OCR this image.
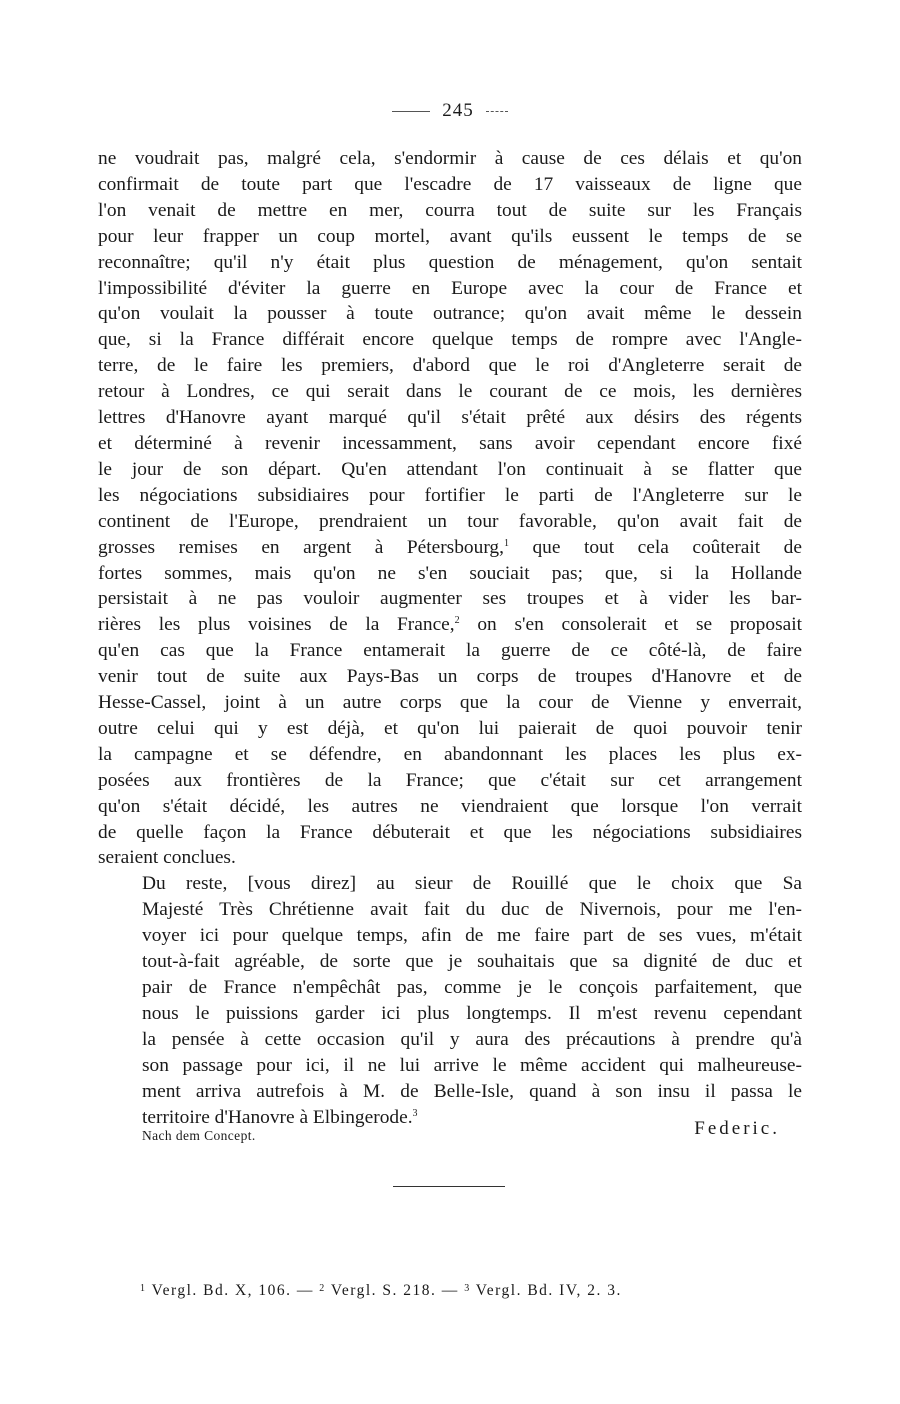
245

ne voudrait pas, malgré cela, s'endormir à cause de ces délais et qu'on
confirmait de toute part que l'escadre de 17 vaisseaux de ligne que
l'on venait de mettre en mer, courra tout de suite sur les Français
pour leur frapper un coup mortel, avant qu'ils eussent le temps de se
reconnaître; qu'il n'y était plus question de ménagement, qu'on sentait
l'impossibilité d'éviter la guerre en Europe avec la cour de France et
qu'on voulait la pousser à toute outrance; qu'on avait même le dessein
que, si la France différait encore quelque temps de rompre avec l'Angle-
terre, de le faire les premiers, d'abord que le roi d'Angleterre serait de
retour à Londres, ce qui serait dans le courant de ce mois, les dernières
lettres d'Hanovre ayant marqué qu'il s'était prêté aux désirs des régents
et déterminé à revenir incessamment, sans avoir cependant encore fixé
le jour de son départ. Qu'en attendant l'on continuait à se flatter que
les négociations subsidiaires pour fortifier le parti de l'Angleterre sur le
continent de l'Europe, prendraient un tour favorable, qu'on avait fait de
grosses remises en argent à Pétersbourg,$^1$ que tout cela coûterait de
fortes sommes, mais qu'on ne s'en souciait pas; que, si la Hollande
persistait à ne pas vouloir augmenter ses troupes et à vider les bar-
rières les plus voisines de la France,$^2$ on s'en consolerait et se proposait
qu'en cas que la France entamerait la guerre de ce côté-là, de faire
venir tout de suite aux Pays-Bas un corps de troupes d'Hanovre et de
Hesse-Cassel, joint à un autre corps que la cour de Vienne y enverrait,
outre celui qui y est déjà, et qu'on lui paierait de quoi pouvoir tenir
la campagne et se défendre, en abandonnant les places les plus ex-
posées aux frontières de la France; que c'était sur cet arrangement
qu'on s'était décidé, les autres ne viendraient que lorsque l'on verrait
de quelle façon la France débuterait et que les négociations subsidiaires
seraient conclues.

Du reste, [vous direz] au sieur de Rouillé que le choix que Sa
Majesté Très Chrétienne avait fait du duc de Nivernois, pour me l'en-
voyer ici pour quelque temps, afin de me faire part de ses vues, m'était
tout-à-fait agréable, de sorte que je souhaitais que sa dignité de duc et
pair de France n'empêchât pas, comme je le conçois parfaitement, que
nous le puissions garder ici plus longtemps. Il m'est revenu cependant
la pensée à cette occasion qu'il y aura des précautions à prendre qu'à
son passage pour ici, il ne lui arrive le même accident qui malheureuse-
ment arriva autrefois à M. de Belle-Isle, quand à son insu il passa le
territoire d'Hanovre à Elbingerode.$^3$

Federic.
Nach dem Concept.
$^1$ Vergl. Bd. X, 106. — $^2$ Vergl. S. 218. — $^3$ Vergl. Bd. IV, 2. 3.
